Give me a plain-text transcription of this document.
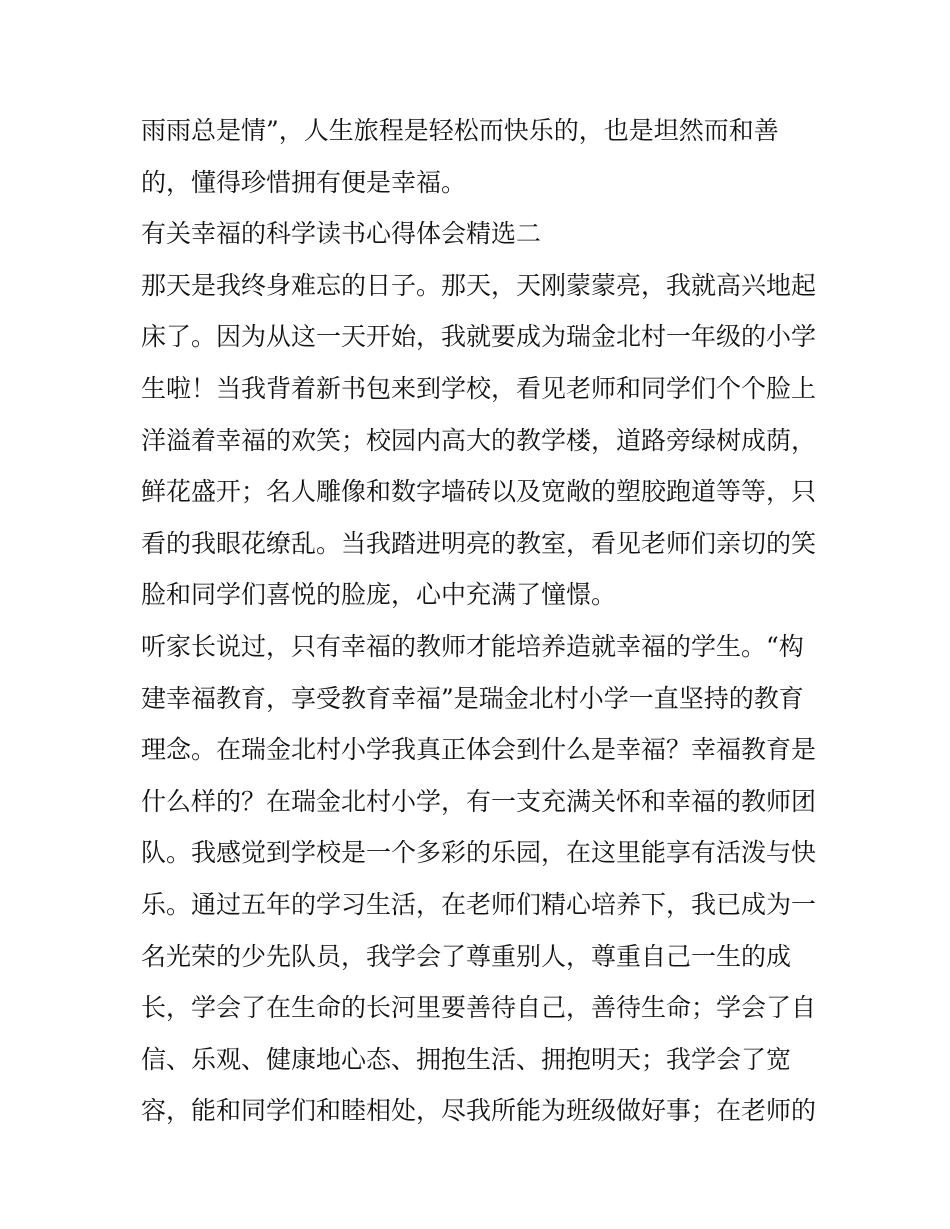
雨雨总是情”，人生旅程是轻松而快乐的，也是坦然而和善
的，懂得珍惜拥有便是幸福。
有关幸福的科学读书心得体会精选二
那天是我终身难忘的日子。那天，天刚蒙蒙亮，我就高兴地起
床了。因为从这一天开始，我就要成为瑞金北村一年级的小学
生啦！当我背着新书包来到学校，看见老师和同学们个个脸上
洋溢着幸福的欢笑；校园内高大的教学楼，道路旁绿树成荫，
鲜花盛开；名人雕像和数字墙砖以及宽敞的塑胶跑道等等，只
看的我眼花缭乱。当我踏进明亮的教室，看见老师们亲切的笑
脸和同学们喜悦的脸庞，心中充满了憧憬。
听家长说过，只有幸福的教师才能培养造就幸福的学生。“构
建幸福教育，享受教育幸福”是瑞金北村小学一直坚持的教育
理念。在瑞金北村小学我真正体会到什么是幸福？幸福教育是
什么样的？在瑞金北村小学，有一支充满关怀和幸福的教师团
队。我感觉到学校是一个多彩的乐园，在这里能享有活泼与快
乐。通过五年的学习生活，在老师们精心培养下，我已成为一
名光荣的少先队员，我学会了尊重别人，尊重自己一生的成
长，学会了在生命的长河里要善待自己，善待生命；学会了自
信、乐观、健康地心态、拥抱生活、拥抱明天；我学会了宽
容，能和同学们和睦相处，尽我所能为班级做好事；在老师的
